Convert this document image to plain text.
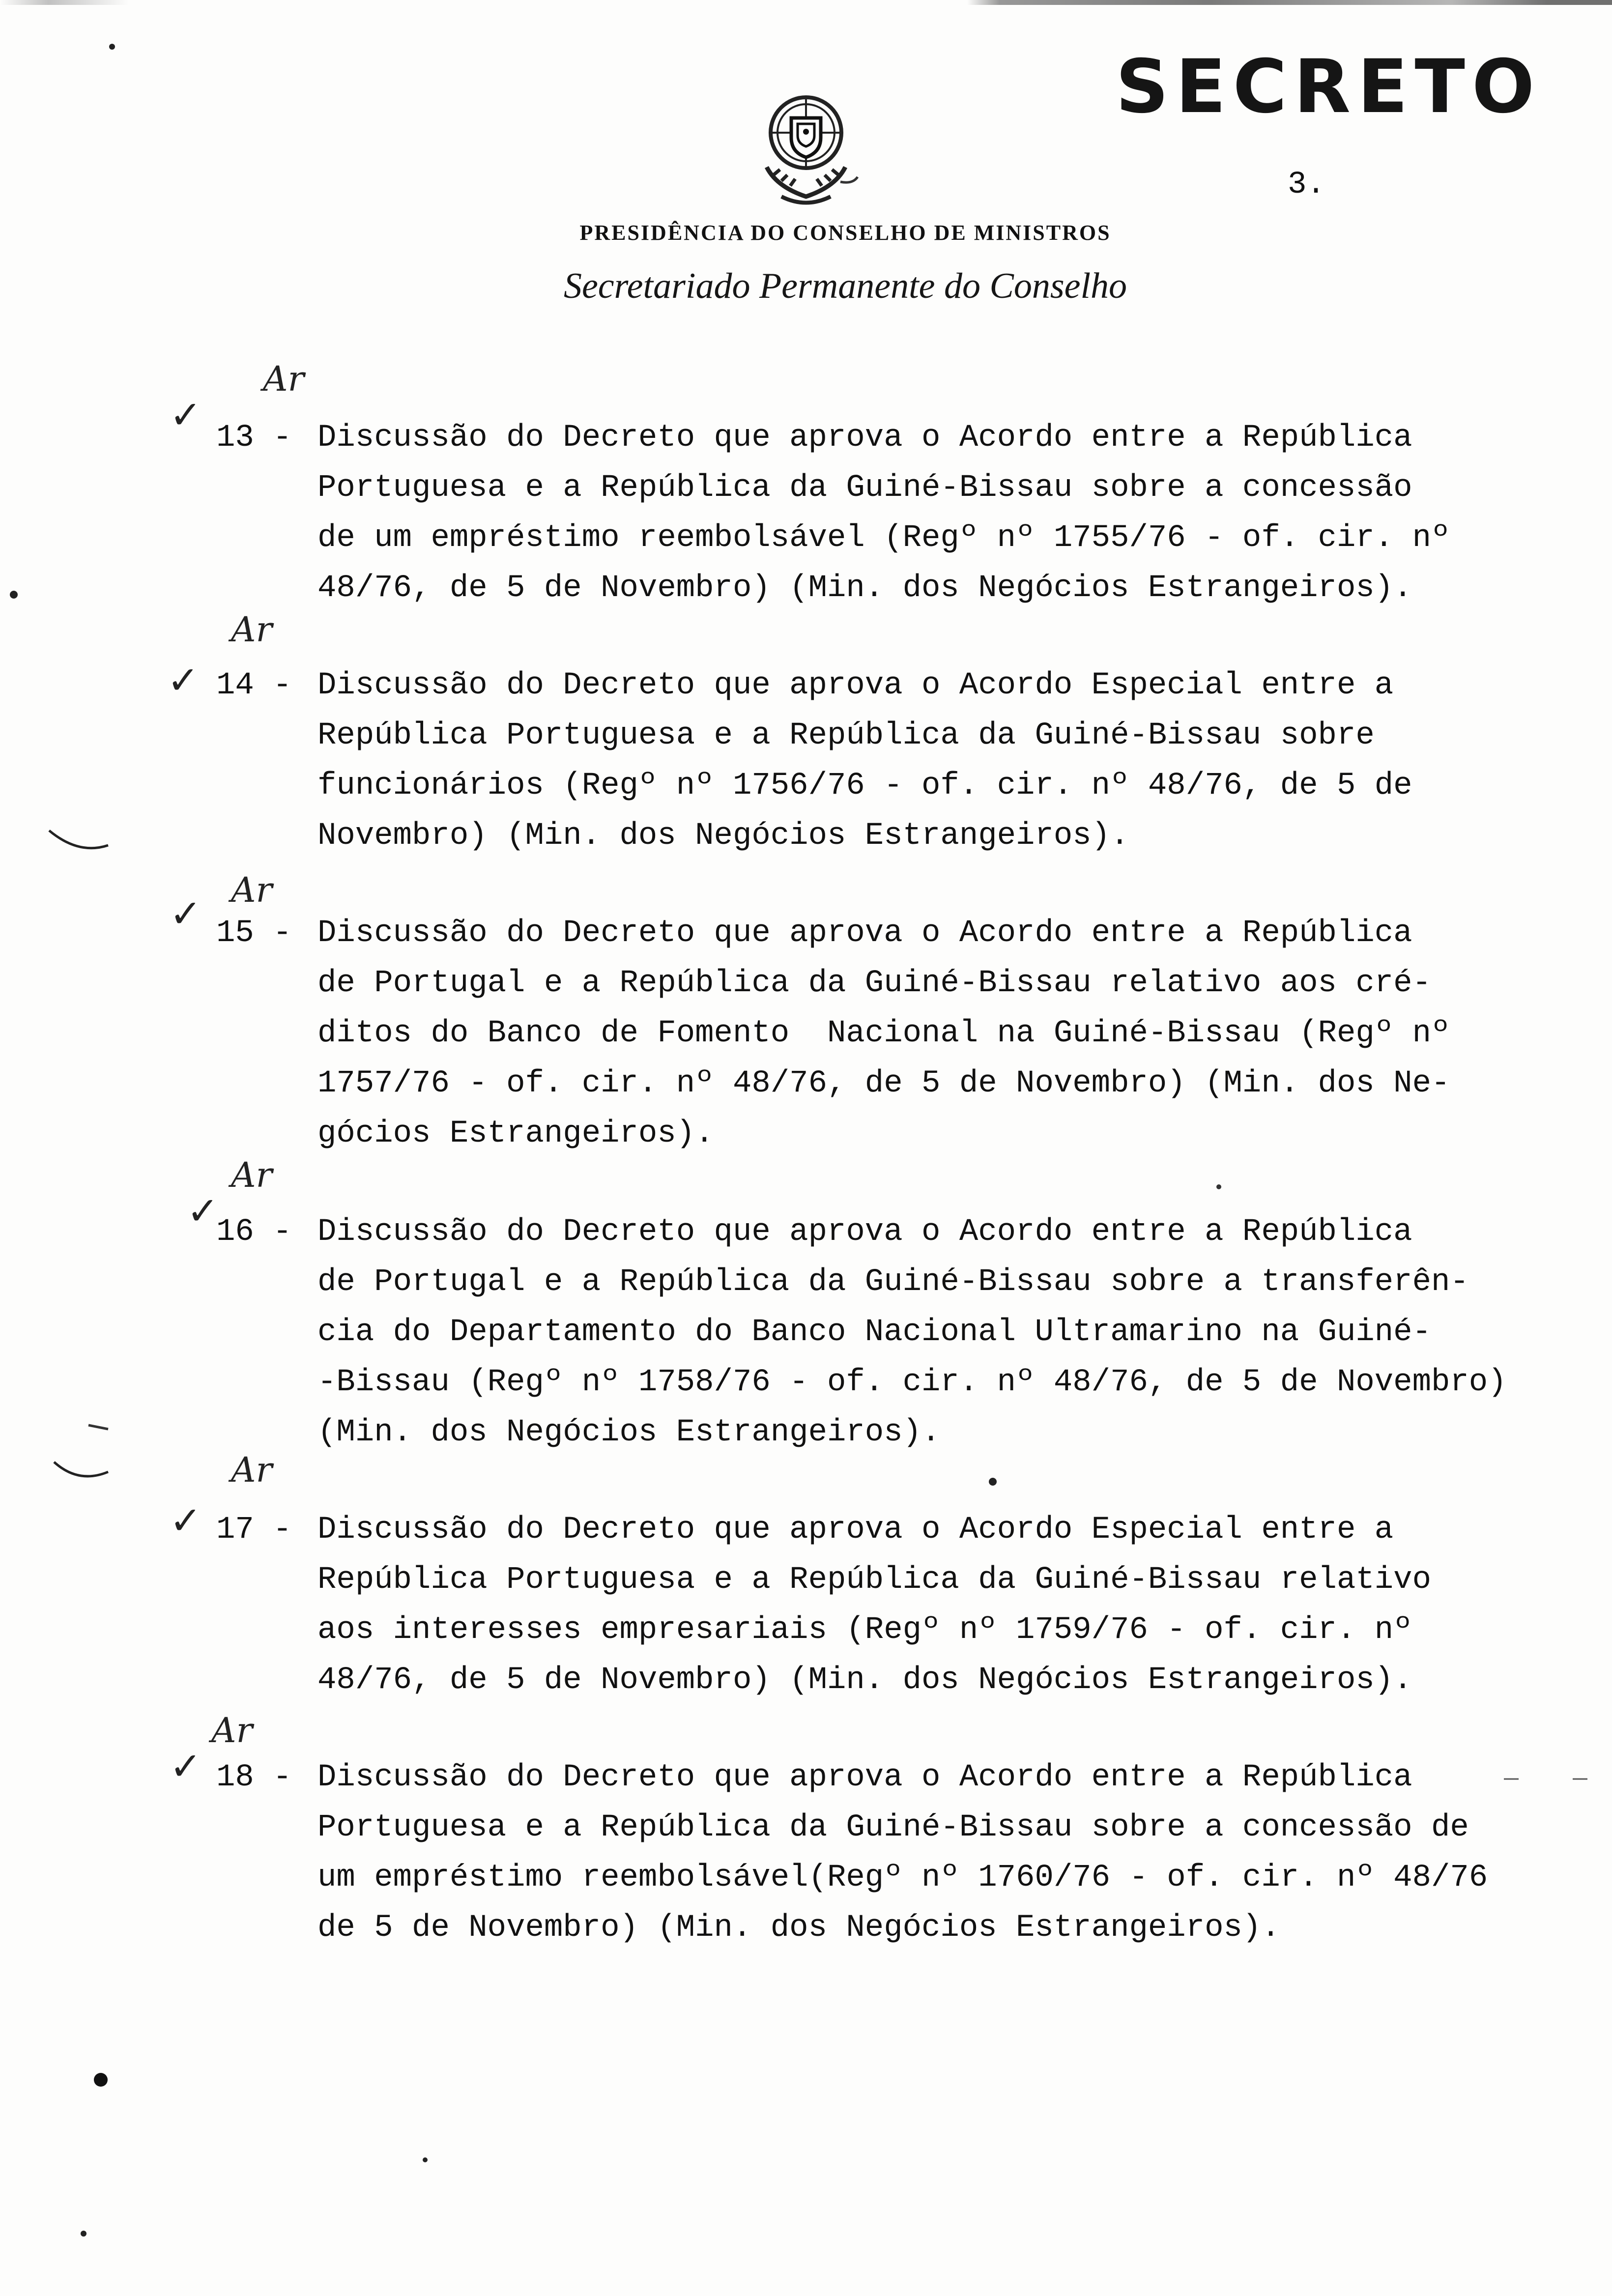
SECRETO
3.
PRESIDÊNCIA DO CONSELHO DE MINISTROS
Secretariado Permanente do Conselho
Ar
✓
13 - Discussão do Decreto que aprova o Acordo entre a República
Portuguesa e a República da Guiné-Bissau sobre a concessão
de um empréstimo reembolsável (Regº nº 1755/76 - of. cir. nº
48/76, de 5 de Novembro) (Min. dos Negócios Estrangeiros).
Ar
✓ 14 - Discussão do Decreto que aprova o Acordo Especial entre a
República Portuguesa e a República da Guiné-Bissau sobre
funcionários (Regº nº 1756/76 - of. cir. nº 48/76, de 5 de
Novembro) (Min. dos Negócios Estrangeiros).
Ar
✓ 15 - Discussão do Decreto que aprova o Acordo entre a República
de Portugal e a República da Guiné-Bissau relativo aos cré-
ditos do Banco de Fomento  Nacional na Guiné-Bissau (Regº nº
1757/76 - of. cir. nº 48/76, de 5 de Novembro) (Min. dos Ne-
gócios Estrangeiros).
Ar
✓
16 - Discussão do Decreto que aprova o Acordo entre a República
de Portugal e a República da Guiné-Bissau sobre a transferên-
cia do Departamento do Banco Nacional Ultramarino na Guiné-
-Bissau (Regº nº 1758/76 - of. cir. nº 48/76, de 5 de Novembro)
(Min. dos Negócios Estrangeiros).
Ar
✓ 17 - Discussão do Decreto que aprova o Acordo Especial entre a
República Portuguesa e a República da Guiné-Bissau relativo
aos interesses empresariais (Regº nº 1759/76 - of. cir. nº
48/76, de 5 de Novembro) (Min. dos Negócios Estrangeiros).
Ar
✓ 18 - Discussão do Decreto que aprova o Acordo entre a República
Portuguesa e a República da Guiné-Bissau sobre a concessão de
um empréstimo reembolsável(Regº nº 1760/76 - of. cir. nº 48/76
de 5 de Novembro) (Min. dos Negócios Estrangeiros).
